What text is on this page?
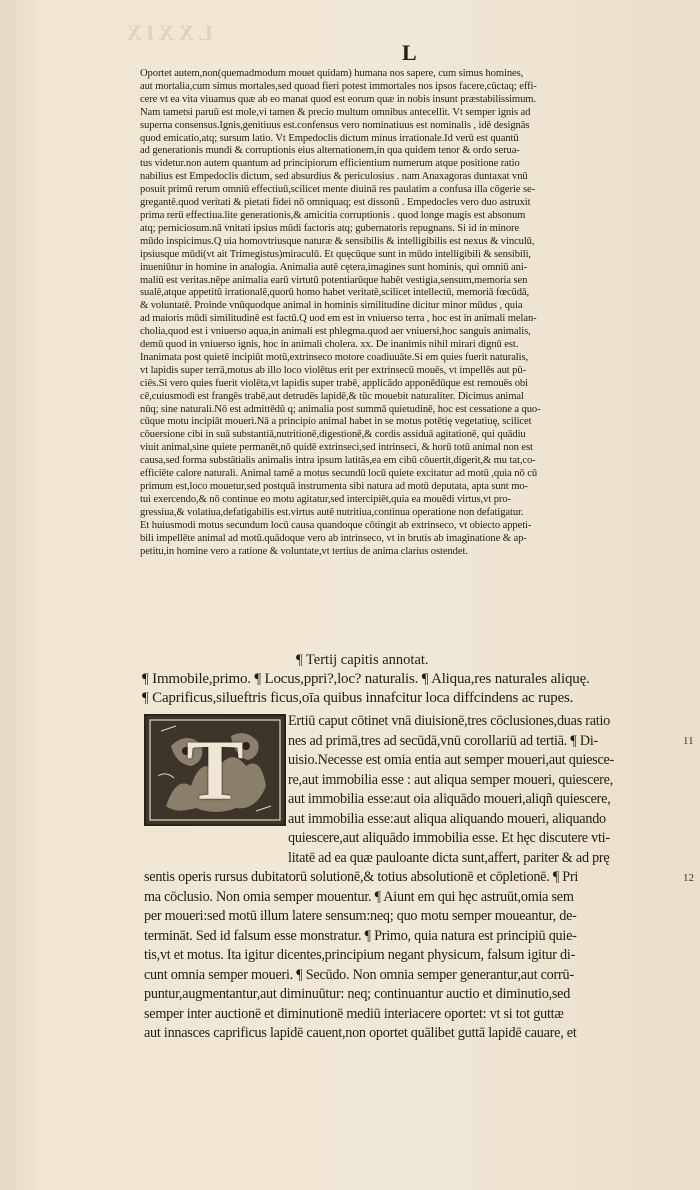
LXXIX
L
Oportet autem,non(quemadmodum mouet quidam) humana nos sapere, cum simus homines,
aut mortalia,cum simus mortales,sed quoad fieri potest immortales nos ipsos facere,cūctaq; effi-
cere vt ea vita viuamus quæ ab eo manat quod est eorum quæ in nobis insunt præstabilissimum.
Nam tametsi paruū est mole,vi tamen & precio multum omnibus antecellit. Vt semper ignis ad
superna consensus.Ignis,genitiuus est.confensus vero nominatiuus est nominalis , idē designās
quod emicatio,atq; sursum latio. Vt Empedoclis dictum minus irrationale.Id verū est quantū
ad generationis mundi & corruptionis eius alternationem,in qua quidem tenor & ordo serua-
tus videtur.non autem quantum ad principiorum efficientium numerum atque positione ratio
nabilius est Empedoclis dictum, sed absurdius & periculosius . nam Anaxagoras duntaxat vnū
posuit primū rerum omniū effectiuū,scilicet mente diuinā res paulatim a confusa illa cōgerie se-
gregantē.quod veritati & pietati fidei nō omniquaq; est dissonū . Empedocles vero duo astruxit
prima rerū effectiua.lite generationis,& amicitia corruptionis . quod longe magis est absonum
atq; perniciosum.nā vnitati ipsius mūdi factoris atq; gubernatoris repugnans. Si id in minore
mūdo inspicimus.Q uia homovtriusque naturæ & sensibilis & intelligibilis est nexus & vinculū,
ipsiusque mūdi(vt ait Trimegistus)miraculū. Et quęcūque sunt in mūdo intelligibili & sensibili,
inueniūtur in homine in analogia. Animalia autē cętera,imagines sunt hominis, qui omniū ani-
maliū est veritas.nēpe animalia earū virtutū potentiarūque habēt vestigia,sensum,memoria sen
sualē,atque appetitū irrationalē,quorū homo habet veritatē,scilicet intellectū, memoriā fœcūdā,
& voluntatē. Proinde vnūquodque animal in hominis similitudine dicitur minor mūdus , quia
ad maioris mūdi similitudinē est factū.Q uod em est in vniuerso terra , hoc est in animali melan-
cholia,quod est i vniuerso aqua,in animali est phlegma.quod aer vniuersi,hoc sanguis animalis,
demū quod in vniuerso ignis, hoc in animali cholera. xx. De inanimis nihil mirari dignū est.
Inanimata post quietē incipiūt motū,extrinseco motore coadiuuāte.Si em quies fuerit naturalis,
vt lapidis super terrā,motus ab illo loco violētus erit per extrinsecū mouēs, vt impellēs aut pū-
ciēs.Si vero quies fuerit violēta,vt lapidis super trabē, applicādo apponēdūque est remouēs obi
cē,cuiusmodi est frangēs trabē,aut detrudēs lapidē,& tūc mouebit naturaliter. Dicimus animal
nūq; sine naturali.Nō est admittēdū q; animalia post summā quietudinē, hoc est cessatione a quo-
cūque motu incipiāt moueri.Nā a principio animal habet in se motus potētię vegetatiuę, scilicet
cōuersione cibi in suā substantiā,nutritionē,digestionē,& cordis assiduā agitationē, qui quādiu
viuit animal,sine quiete permanēt,nō quidē extrinseci,sed intrinseci, & horū totū animal non est
causa,sed forma substātialis animalis intra ipsum latitās,ea em cibū cōuertit,digerit,& mu tat,co-
efficiēte calore naturali. Animal tamē a motus secundū locū quiete excitatur ad motū ,quia nō cū
primum est,loco mouetur,sed postquā instrumenta sibi natura ad motū deputata, apta sunt mo-
tui exercendo,& nō continue eo motu agitatur,sed intercipiēt,quia ea mouēdi virtus,vt pro-
gressiua,& volatiua,defatigabilis est.virtus autē nutritiua,continua operatione non defatigatur.
Et huiusmodi motus secundum locū causa quandoque cōtingit ab extrinseco, vt obiecto appeti-
bili impellēte animal ad motū.quādoque vero ab intrinseco, vt in brutis ab imaginatione & ap-
petitu,in homine vero a ratione & voluntate,vt tertius de anima clarius ostendet.
¶ Tertij capitis annotat.
¶ Immobile,primo. ¶ Locus,ppri?,loc? naturalis. ¶ Aliqua,res naturales aliquę.
¶ Caprificus,silueftris ficus,oīa quibus innafcitur loca diffcindens ac rupes.
T
Ertiū caput cōtinet vnā diuisionē,tres cōclusiones,duas ratio
nes ad primā,tres ad secūdā,vnū corollariū ad tertiā. ¶ Di-
uisio.Necesse est omia entia aut semper moueri,aut quiesce-
re,aut immobilia esse : aut aliqua semper moueri, quiescere,
aut immobilia esse:aut oia aliquādo moueri,aliqñ quiescere,
aut immobilia esse:aut aliqua aliquando moueri, aliquando
quiescere,aut aliquādo immobilia esse. Et hęc discutere vti-
litatē ad ea quæ pauloante dicta sunt,affert, pariter & ad prę
sentis operis rursus dubitatorū solutionē,& totius absolutionē et cōpletionē. ¶ Pri
ma cōclusio. Non omia semper mouentur. ¶ Aiunt em qui hęc astruūt,omia sem
per moueri:sed motū illum latere sensum:neq; quo motu semper moueantur, de-
termināt. Sed id falsum esse monstratur. ¶ Primo, quia natura est principiū quie-
tis,vt et motus. Ita igitur dicentes,principium negant physicum, falsum igitur di-
cunt omnia semper moueri. ¶ Secūdo. Non omnia semper generantur,aut corrū-
puntur,augmentantur,aut diminuūtur: neq; continuantur auctio et diminutio,sed
semper inter auctionē et diminutionē mediū interiacere oportet: vt si tot guttæ
aut innasces caprificus lapidē cauent,non oportet quālibet guttā lapidē cauare, et
11
12
